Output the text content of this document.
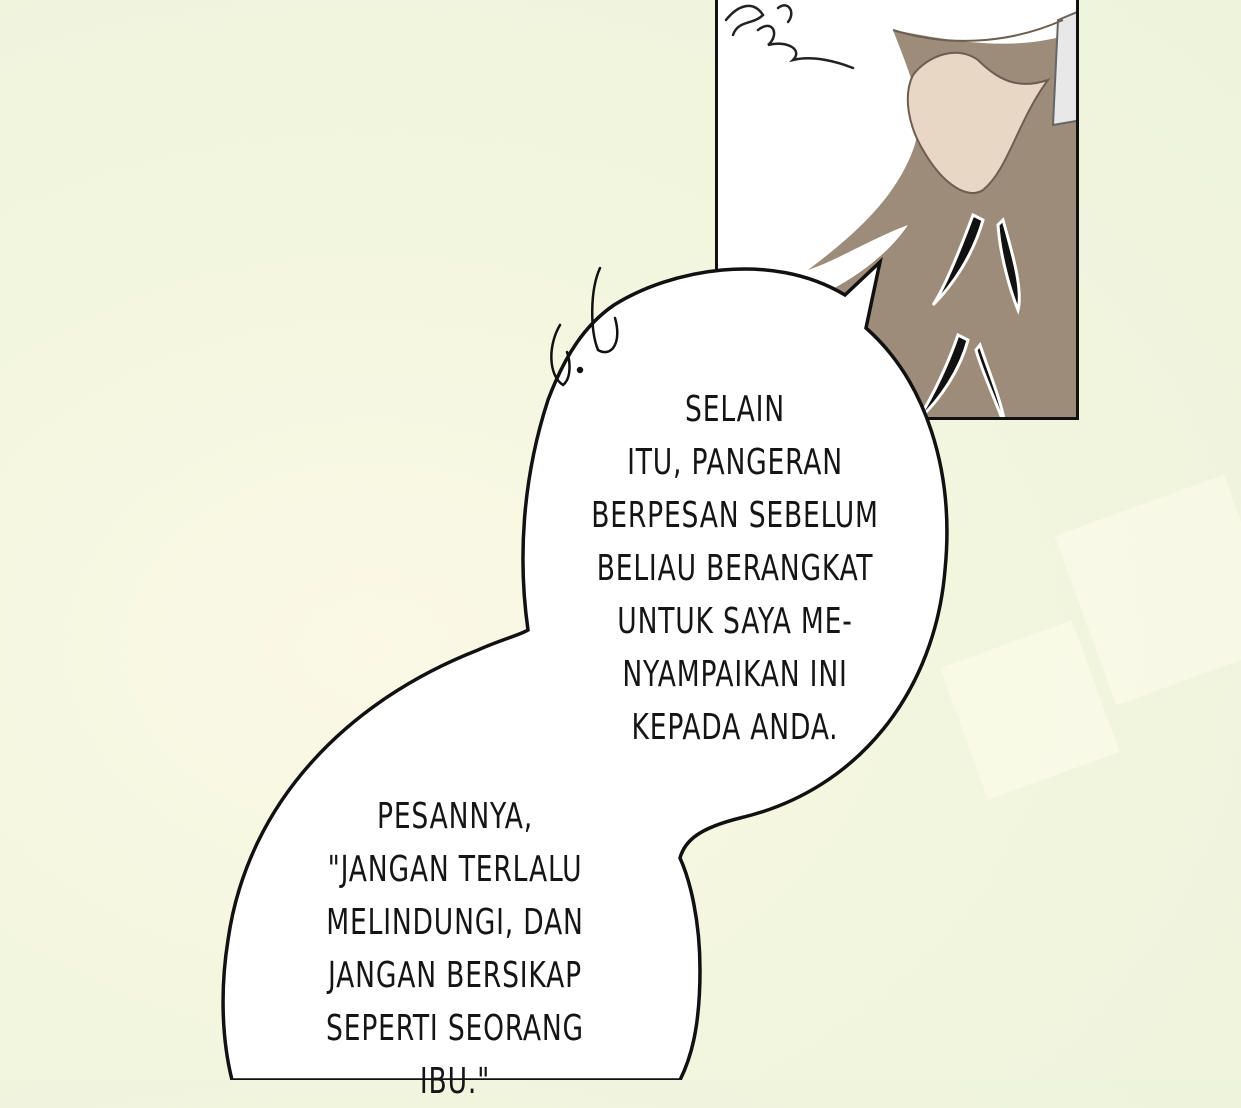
SELAIN
ITU, PANGERAN
BERPESAN SEBELUM
BELIAU BERANGKAT
UNTUK SAYA ME-
NYAMPAIKAN INI
KEPADA ANDA.
PESANNYA,
"JANGAN TERLALU
MELINDUNGI, DAN
JANGAN BERSIKAP
SEPERTI SEORANG
IBU."
